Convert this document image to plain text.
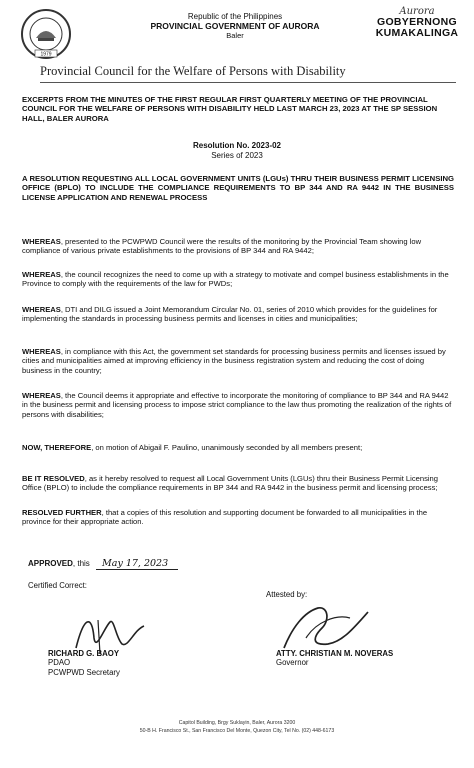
1979
Republic of the Philippines
PROVINCIAL GOVERNMENT OF AURORA
Baler
Aurora
GOBYERNONG
KUMAKALINGA
Provincial Council for the Welfare of Persons with Disability
EXCERPTS FROM THE MINUTES OF THE FIRST REGULAR FIRST QUARTERLY MEETING OF THE PROVINCIAL COUNCIL FOR THE WELFARE OF PERSONS WITH DISABILITY HELD LAST MARCH 23, 2023 AT THE SP SESSION HALL, BALER AURORA
Resolution No. 2023-02
Series of 2023
A RESOLUTION REQUESTING ALL LOCAL GOVERNMENT UNITS (LGUs) THRU THEIR BUSINESS PERMIT LICENSING OFFICE (BPLO) TO INCLUDE THE COMPLIANCE REQUIREMENTS TO BP 344 AND RA 9442 IN THE BUSINESS LICENSE APPLICATION AND RENEWAL PROCESS
WHEREAS, presented to the PCWPWD Council were the results of the monitoring by the Provincial Team showing low compliance of various private establishments to the provisions of BP 344 and RA 9442;
WHEREAS, the council recognizes the need to come up with a strategy to motivate and compel business establishments in the Province to comply with the requirements of the law for PWDs;
WHEREAS, DTI and DILG issued a Joint Memorandum Circular No. 01, series of 2010 which provides for the guidelines for implementing the standards in processing business permits and licenses in cities and municipalities;
WHEREAS, in compliance with this Act, the government set standards for processing business permits and licenses issued by cities and municipalities aimed at improving efficiency in the business registration system and reducing the cost of doing business in the country;
WHEREAS, the Council deems it appropriate and effective to incorporate the monitoring of compliance to BP 344 and RA 9442 in the business permit and licensing process to impose strict compliance to the law thus promoting the realization of the rights of persons with disabilities;
NOW, THEREFORE, on motion of Abigail F. Paulino, unanimously seconded by all members present;
BE IT RESOLVED, as it hereby resolved to request all Local Government Units (LGUs) thru their Business Permit Licensing Office (BPLO) to include the compliance requirements in BP 344 and RA 9442 in the business permit and licensing process;
RESOLVED FURTHER, that a copies of this resolution and supporting document be forwarded to all municipalities in the province for their appropriate action.
APPROVED, this May 17, 2023
Certified Correct:
Attested by:
RICHARD G. BAOY
PDAO
PCWPWD Secretary
ATTY. CHRISTIAN M. NOVERAS
Governor
Capitol Building, Brgy Suklayin, Baler, Aurora 3200
50-B H. Francisco St., San Francisco Del Monte, Quezon City, Tel No. (02) 448-6173
